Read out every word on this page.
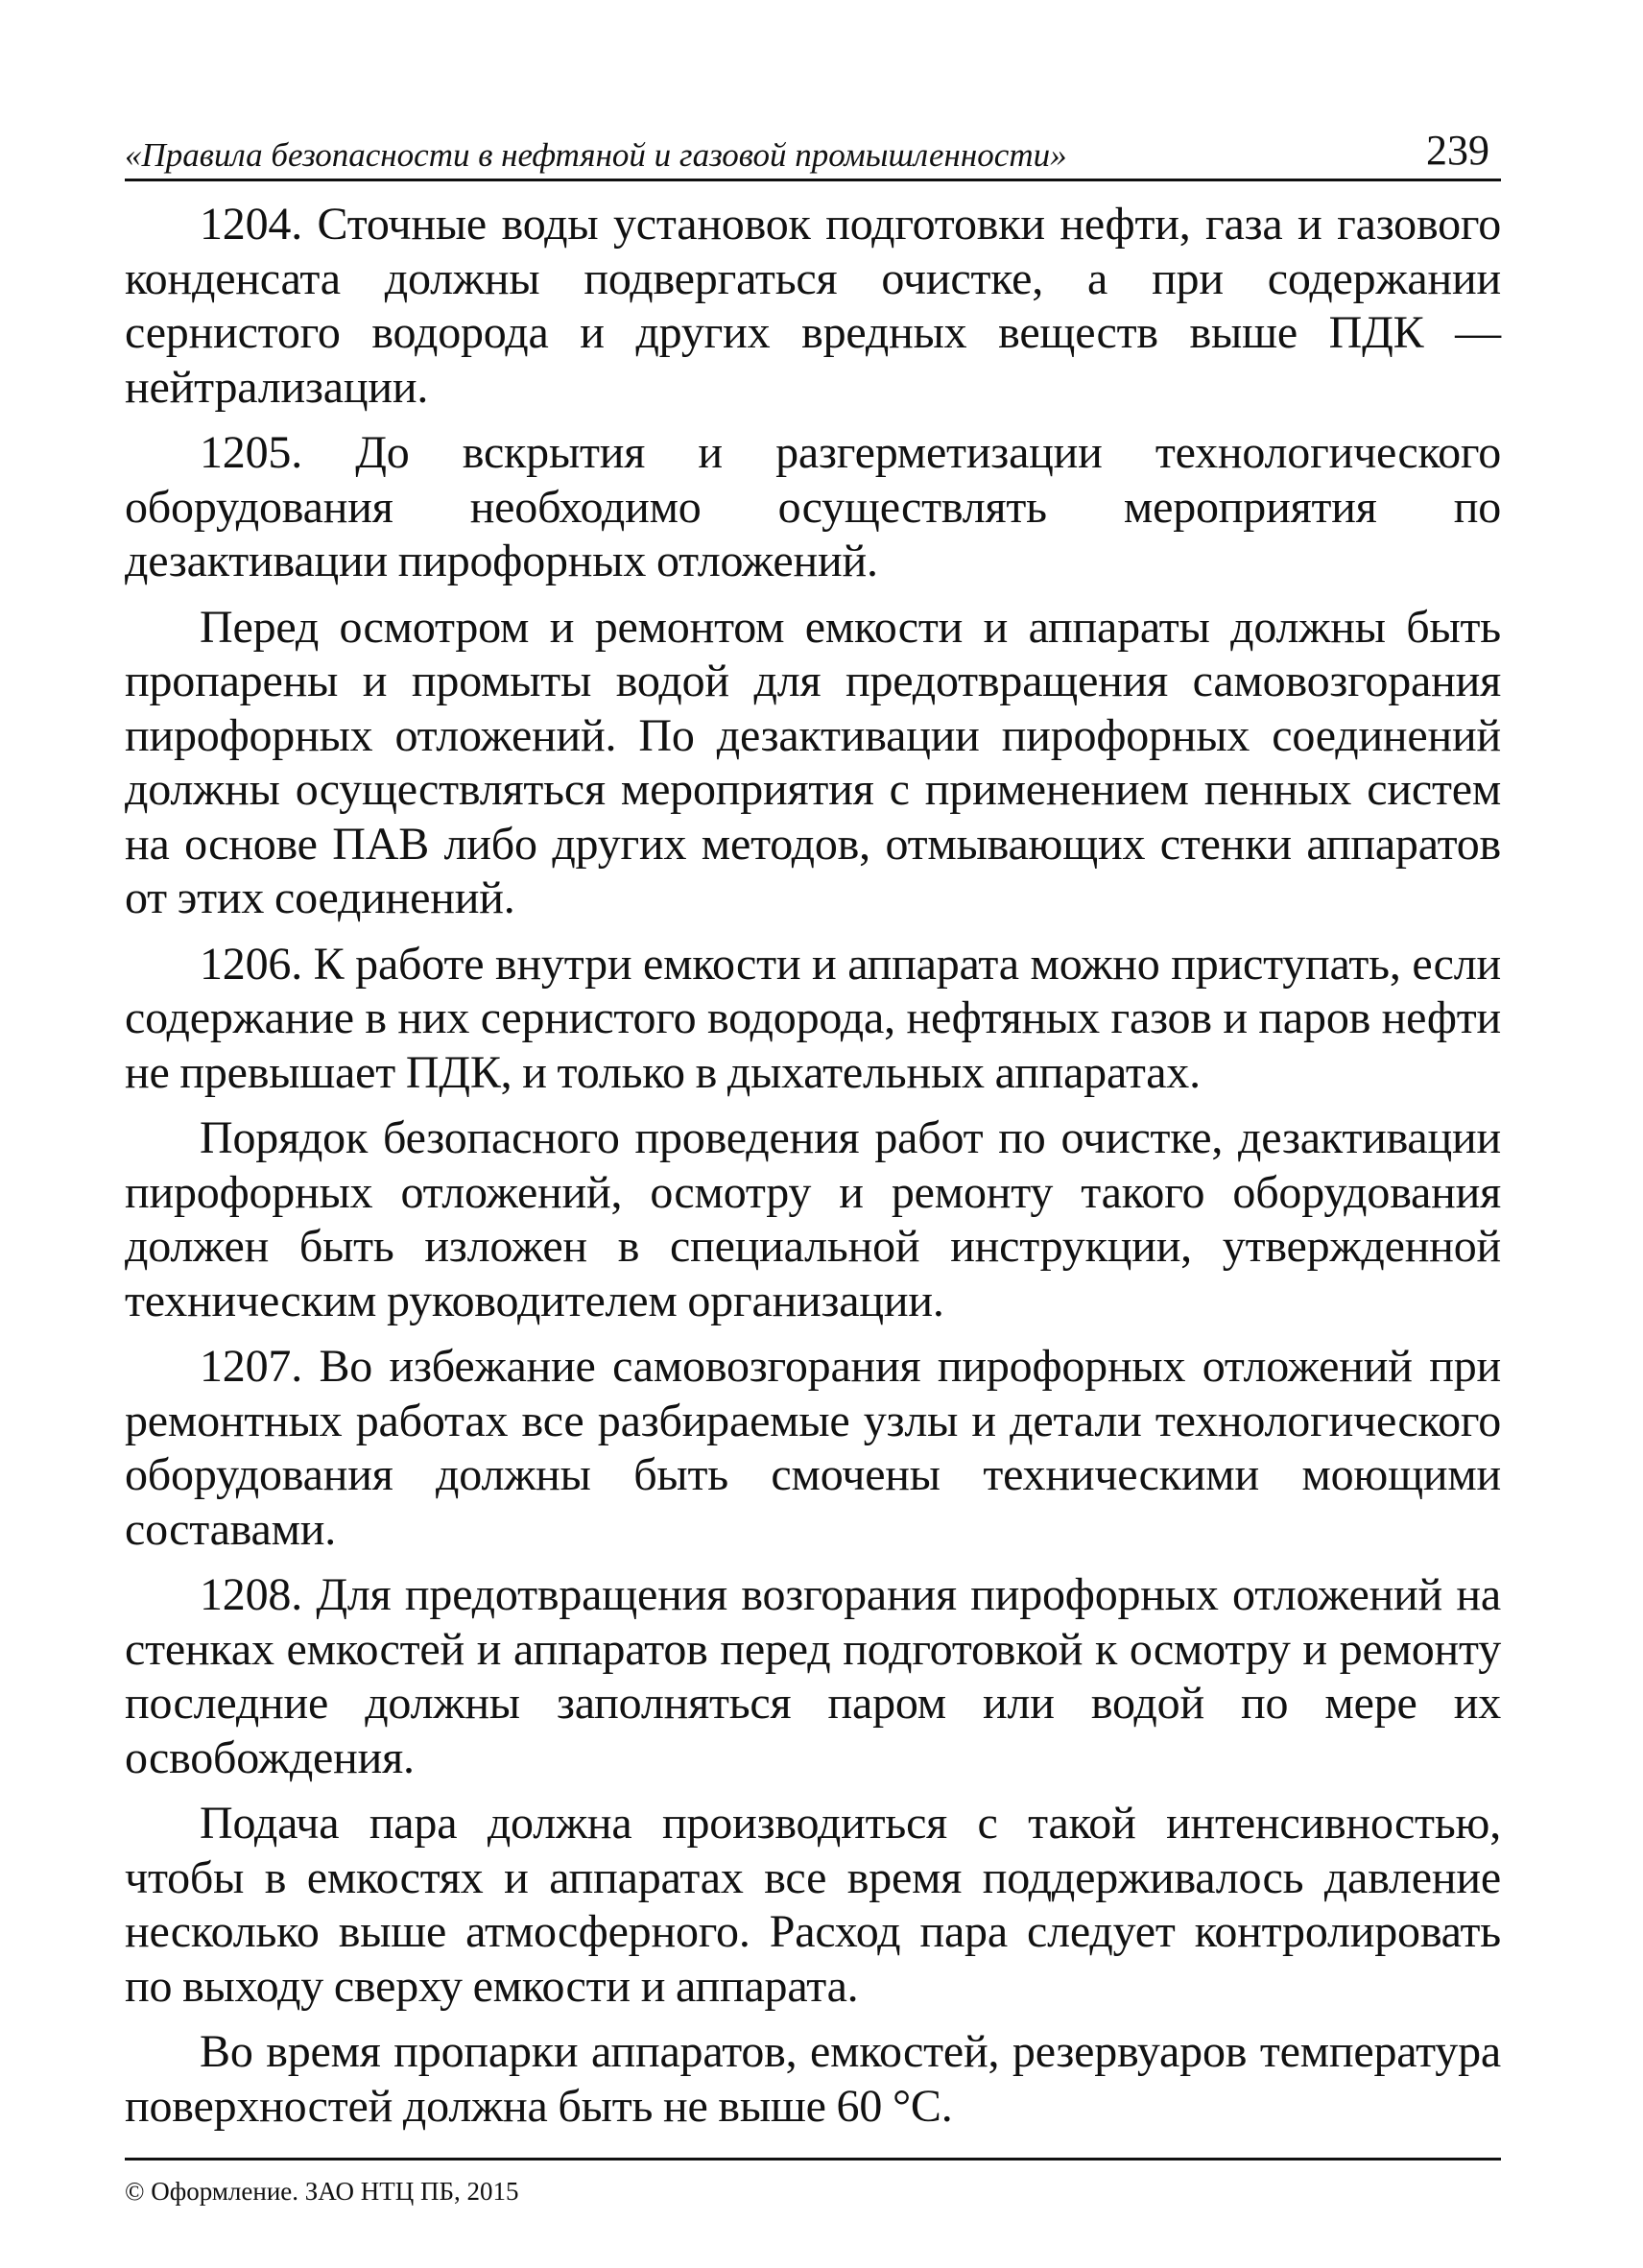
«Правила безопасности в нефтяной и газовой промышленности»	239

1204. Сточные воды установок подготовки нефти, газа и газового конденсата должны подвергаться очистке, а при содержании сернистого водорода и других вредных веществ выше ПДК — нейтрализации.

1205. До вскрытия и разгерметизации технологического оборудования необходимо осуществлять мероприятия по дезактивации пирофорных отложений.

Перед осмотром и ремонтом емкости и аппараты должны быть пропарены и промыты водой для предотвращения самовозгорания пирофорных отложений. По дезактивации пирофорных соединений должны осуществляться мероприятия с применением пенных систем на основе ПАВ либо других методов, отмывающих стенки аппаратов от этих соединений.

1206. К работе внутри емкости и аппарата можно приступать, если содержание в них сернистого водорода, нефтяных газов и паров нефти не превышает ПДК, и только в дыхательных аппаратах.

Порядок безопасного проведения работ по очистке, дезактивации пирофорных отложений, осмотру и ремонту такого оборудования должен быть изложен в специальной инструкции, утвержденной техническим руководителем организации.

1207. Во избежание самовозгорания пирофорных отложений при ремонтных работах все разбираемые узлы и детали технологического оборудования должны быть смочены техническими моющими составами.

1208. Для предотвращения возгорания пирофорных отложений на стенках емкостей и аппаратов перед подготовкой к осмотру и ремонту последние должны заполняться паром или водой по мере их освобождения.

Подача пара должна производиться с такой интенсивностью, чтобы в емкостях и аппаратах все время поддерживалось давление несколько выше атмосферного. Расход пара следует контролировать по выходу сверху емкости и аппарата.

Во время пропарки аппаратов, емкостей, резервуаров температура поверхностей должна быть не выше 60 °С.

© Оформление. ЗАО НТЦ ПБ, 2015
